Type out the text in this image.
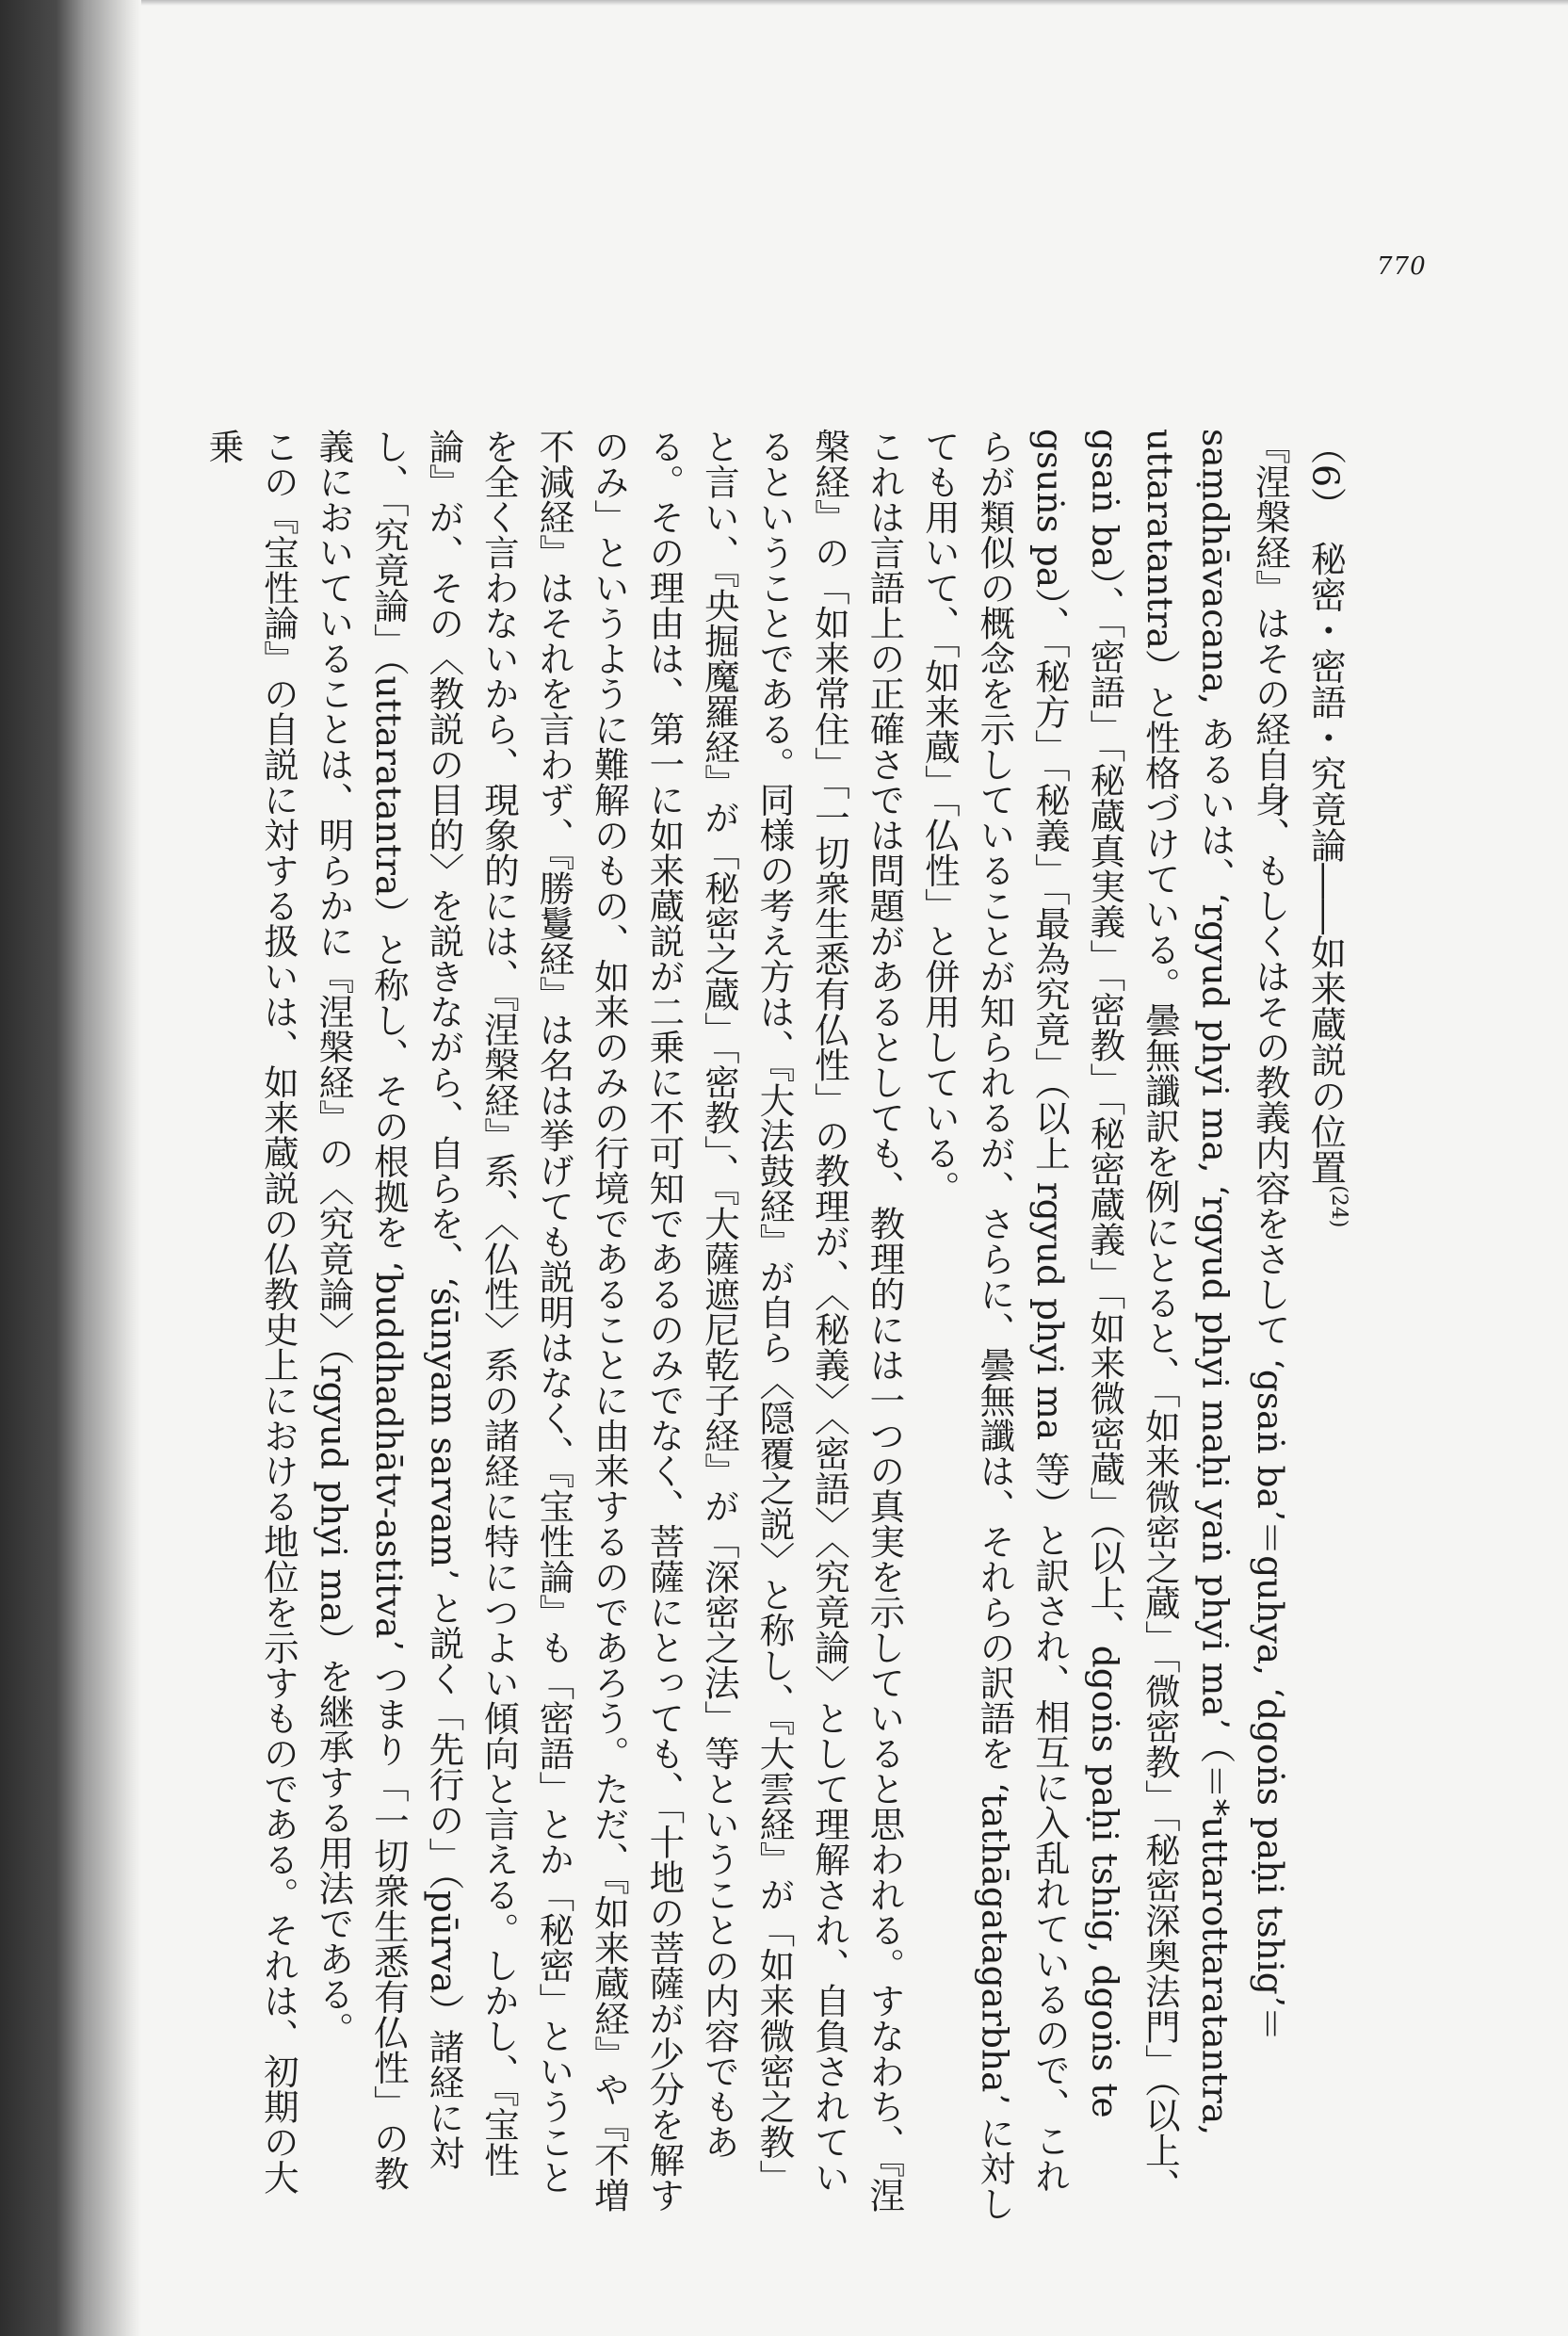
770
（6）　秘密・密語・究竟論――如来蔵説の位置$^{(24)}$
『涅槃経』はその経自身、もしくはその教義内容をさして ʻgsaṅ baʼ＝guhya, ʻdgoṅs paḥi tshigʼ＝saṃdhāvacana, あるいは、ʻrgyud phyi ma, ʻrgyud phyi maḥi yaṅ phyi maʼ（＝*uttarottaratantra, uttaratantra）と性格づけている。曇無讖訳を例にとると、「如来微密之蔵」「微密教」「秘密深奥法門」（以上、gsaṅ ba）、「密語」「秘蔵真実義」「密教」「秘密蔵義」「如来微密蔵」（以上、dgoṅs paḥi tshig, dgoṅs te gsuṅs pa）、「秘方」「秘義」「最為究竟」（以上 rgyud phyi ma 等）と訳され、相互に入乱れているので、これらが類似の概念を示していることが知られるが、さらに、曇無讖は、それらの訳語を ʻtathāgatagarbhaʼ に対しても用いて、「如来蔵」「仏性」と併用している。
これは言語上の正確さでは問題があるとしても、教理的には一つの真実を示していると思われる。すなわち、『涅槃経』の「如来常住」「一切衆生悉有仏性」の教理が、〈秘義〉〈密語〉〈究竟論〉として理解され、自負されているということである。同様の考え方は、『大法鼓経』が自ら〈隠覆之説〉と称し、『大雲経』が「如来微密之教」と言い、『央掘魔羅経』が「秘密之蔵」「密教」、『大薩遮尼乾子経』が「深密之法」等ということの内容でもある。その理由は、第一に如来蔵説が二乗に不可知であるのみでなく、菩薩にとっても、「十地の菩薩が少分を解すのみ」というように難解のもの、如来のみの行境であることに由来するのであろう。ただ、『如来蔵経』や『不増不減経』はそれを言わず、『勝鬘経』は名は挙げても説明はなく、『宝性論』も「密語」とか「秘密」ということを全く言わないから、現象的には、『涅槃経』系、〈仏性〉系の諸経に特につよい傾向と言える。しかし、『宝性論』が、その〈教説の目的〉を説きながら、自らを、ʻśūnyam sarvamʼ と説く「先行の」（pūrva）諸経に対し、「究竟論」（uttaratantra）と称し、その根拠を ʻbuddhadhātv-astitvaʼ つまり「一切衆生悉有仏性」の教義においていることは、明らかに『涅槃経』の〈究竟論〉（rgyud phyi ma）を継承する用法である。
この『宝性論』の自説に対する扱いは、如来蔵説の仏教史上における地位を示すものである。それは、初期の大乗
